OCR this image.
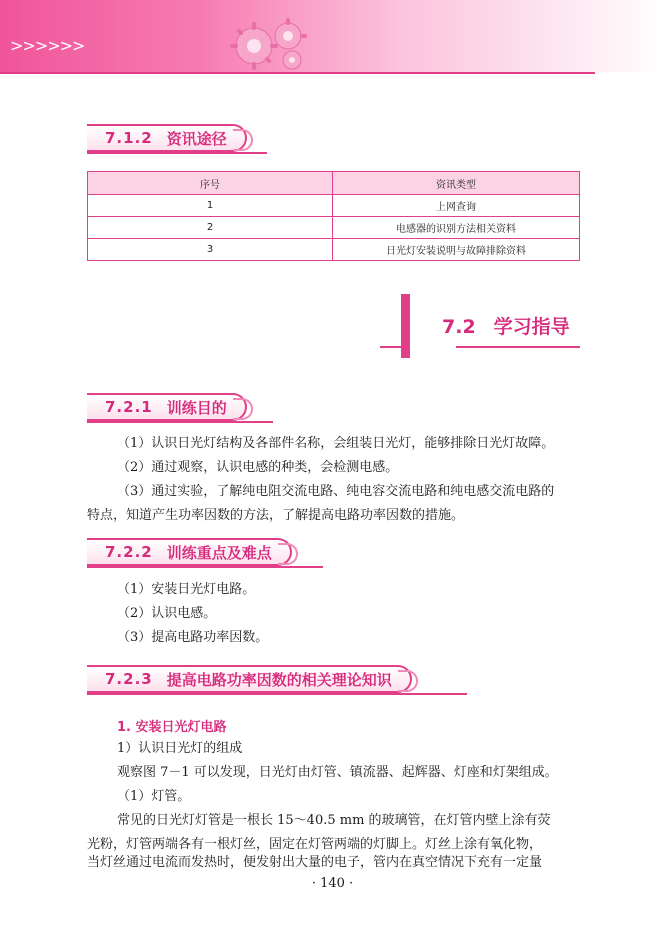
>>>>>>
7.1.2 资讯途径
序号	资讯类型
1	上网查询
2	电感器的识别方法相关资料
3	日光灯安装说明与故障排除资料
7.2 学习指导
7.2.1 训练目的

（1）认识日光灯结构及各部件名称，会组装日光灯，能够排除日光灯故障。

（2）通过观察，认识电感的种类，会检测电感。

（3）通过实验，了解纯电阻交流电路、纯电容交流电路和纯电感交流电路的

特点，知道产生功率因数的方法，了解提高电路功率因数的措施。

7.2.2 训练重点及难点

（1）安装日光灯电路。

（2）认识电感。

（3）提高电路功率因数。

7.2.3 提高电路功率因数的相关理论知识
1. 安装日光灯电路

1）认识日光灯的组成

观察图 7－1 可以发现，日光灯由灯管、镇流器、起辉器、灯座和灯架组成。

（1）灯管。

常见的日光灯灯管是一根长 15～40.5 mm 的玻璃管，在灯管内壁上涂有荧

光粉，灯管两端各有一根灯丝，固定在灯管两端的灯脚上。灯丝上涂有氧化物，

当灯丝通过电流而发热时，便发射出大量的电子，管内在真空情况下充有一定量

· 140 ·
